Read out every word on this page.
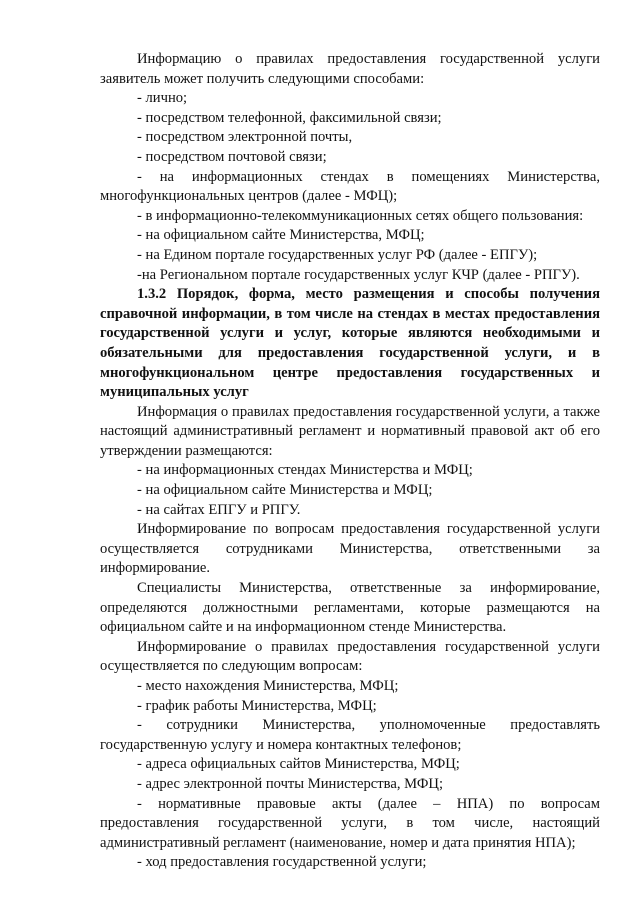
Информацию о правилах предоставления государственной услуги заявитель может получить следующими способами:

- лично;

- посредством телефонной, факсимильной связи;

- посредством электронной почты,

- посредством почтовой связи;

- на информационных стендах в помещениях Министерства, многофункциональных центров (далее - МФЦ);

- в информационно-телекоммуникационных сетях общего пользования:

- на официальном сайте Министерства, МФЦ;

- на Едином портале государственных услуг РФ (далее - ЕПГУ);

-на Региональном портале государственных услуг КЧР (далее - РПГУ).

1.3.2 Порядок, форма, место размещения и способы получения справочной информации, в том числе на стендах в местах предоставления государственной услуги и услуг, которые являются необходимыми и обязательными для предоставления государственной услуги, и в многофункциональном центре предоставления государственных и муниципальных услуг

Информация о правилах предоставления государственной услуги, а также настоящий административный регламент и нормативный правовой акт об его утверждении размещаются:

- на информационных стендах Министерства и МФЦ;

- на официальном сайте Министерства и МФЦ;

- на сайтах ЕПГУ и РПГУ.

Информирование по вопросам предоставления государственной услуги осуществляется сотрудниками Министерства, ответственными за информирование.

Специалисты Министерства, ответственные за информирование, определяются должностными регламентами, которые размещаются на официальном сайте и на информационном стенде Министерства.

Информирование о правилах предоставления государственной услуги осуществляется по следующим вопросам:

- место нахождения Министерства, МФЦ;

- график работы Министерства, МФЦ;

- сотрудники Министерства, уполномоченные предоставлять государственную услугу и номера контактных телефонов;

- адреса официальных сайтов Министерства, МФЦ;

- адрес электронной почты Министерства, МФЦ;

- нормативные правовые акты (далее – НПА) по вопросам предоставления государственной услуги, в том числе, настоящий административный регламент (наименование, номер и дата принятия НПА);

- ход предоставления государственной услуги;
